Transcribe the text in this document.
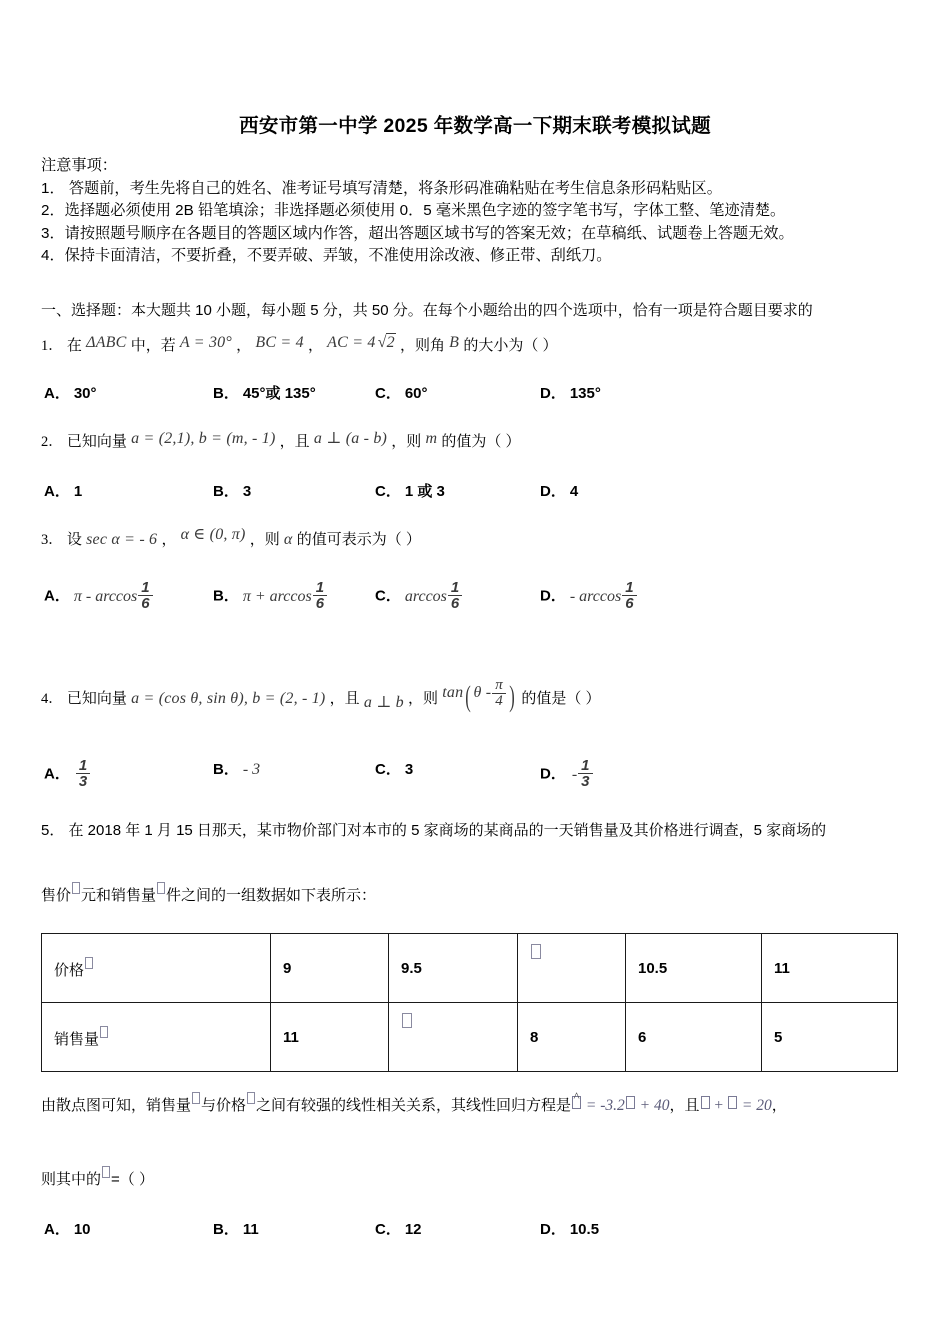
西安市第一中学 2025 年数学高一下期末联考模拟试题
注意事项：
1． 答题前，考生先将自己的姓名、准考证号填写清楚，将条形码准确粘贴在考生信息条形码粘贴区。
2．选择题必须使用 2B 铅笔填涂；非选择题必须使用 0．5 毫米黑色字迹的签字笔书写，字体工整、笔迹清楚。
3．请按照题号顺序在各题目的答题区域内作答，超出答题区域书写的答案无效；在草稿纸、试题卷上答题无效。
4．保持卡面清洁，不要折叠，不要弄破、弄皱，不准使用涂改液、修正带、刮纸刀。
一、选择题：本大题共 10 小题，每小题 5 分，共 50 分。在每个小题给出的四个选项中，恰有一项是符合题目要求的
1． 在 ΔABC 中，若 A = 30° ， BC = 4 ， AC = 4 √2 ，则角 B 的大小为（ ）
A． 30°	B． 45°或 135°	C． 60°	D． 135°
2． 已知向量 a = (2,1), b = (m, - 1) ，且 a ⊥ (a - b) ，则 m 的值为（ ）
A． 1	B． 3	C． 1 或 3	D． 4
3． 设 sec α = - 6 ， α ∈ (0, π) ，则 α 的值可表示为（ ）
A． π - $\arccos \frac{1}{6}$	B． $\pi + \arccos \frac{1}{6}$	C． $\arccos \frac{1}{6}$	D． - $\arccos \frac{1}{6}$
4． 已知向量 a = (cos θ, sin θ), b = (2, - 1) ，且 a ⊥ b ，则 tan( θ - $\frac{\pi}{4}$ ) 的值是（ ）
A． $\frac{1}{3}$	B． - 3	C． 3	D． - $\frac{1}{3}$
5． 在 2018 年 1 月 15 日那天，某市物价部门对本市的 5 家商场的某商品的一天销售量及其价格进行调查，5 家商场的
售价 元和销售量 件之间的一组数据如下表所示：
价格	9	9.5		10.5	11
销售量	11		8	6	5
由散点图可知，销售量 与价格 之间有较强的线性相关关系，其线性回归方程是
^
= -3.2 + 40，且 + = 20，
则其中的 =（ ）
A． 10	B． 11	C． 12	D． 10.5
